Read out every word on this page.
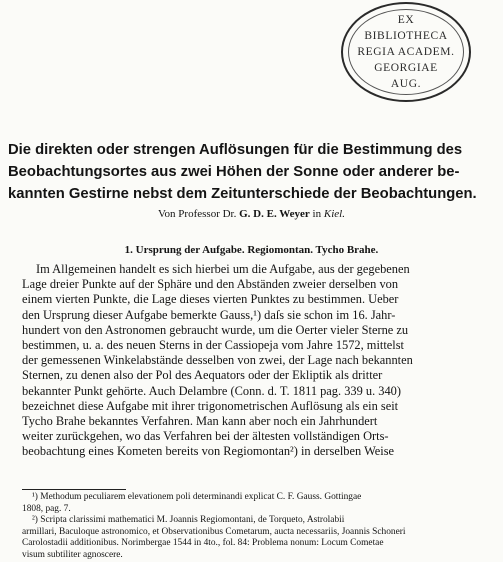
EX
BIBLIOTHECA
REGIA ACADEM.
GEORGIAE
AUG.
Die direkten oder strengen Auflösungen für die Bestimmung des
Beobachtungsortes aus zwei Höhen der Sonne oder anderer be-
kannten Gestirne nebst dem Zeitunterschiede der Beobachtungen.
Von Professor Dr. G. D. E. Weyer in Kiel.
1. Ursprung der Aufgabe. Regiomontan. Tycho Brahe.
Im Allgemeinen handelt es sich hierbei um die Aufgabe, aus der gegebenen
Lage dreier Punkte auf der Sphäre und den Abständen zweier derselben von
einem vierten Punkte, die Lage dieses vierten Punktes zu bestimmen. Ueber
den Ursprung dieser Aufgabe bemerkte Gauss,¹) daſs sie schon im 16. Jahr-
hundert von den Astronomen gebraucht wurde, um die Oerter vieler Sterne zu
bestimmen, u. a. des neuen Sterns in der Cassiopeja vom Jahre 1572, mittelst
der gemessenen Winkelabstände desselben von zwei, der Lage nach bekannten
Sternen, zu denen also der Pol des Aequators oder der Ekliptik als dritter
bekannter Punkt gehörte. Auch Delambre (Conn. d. T. 1811 pag. 339 u. 340)
bezeichnet diese Aufgabe mit ihrer trigonometrischen Auflösung als ein seit
Tycho Brahe bekanntes Verfahren. Man kann aber noch ein Jahrhundert
weiter zurückgehen, wo das Verfahren bei der ältesten vollständigen Orts-
beobachtung eines Kometen bereits von Regiomontan²) in derselben Weise
¹) Methodum peculiarem elevationem poli determinandi explicat C. F. Gauss. Gottingae
1808, pag. 7.
²) Scripta clarissimi mathematici M. Joannis Regiomontani, de Torqueto, Astrolabii
armillari, Baculoque astronomico, et Observationibus Cometarum, aucta necessariis, Joannis Schoneri
Carolostadii additionibus. Norimbergae 1544 in 4to., fol. 84: Problema nonum: Locum Cometae
visum subtiliter agnoscere.
